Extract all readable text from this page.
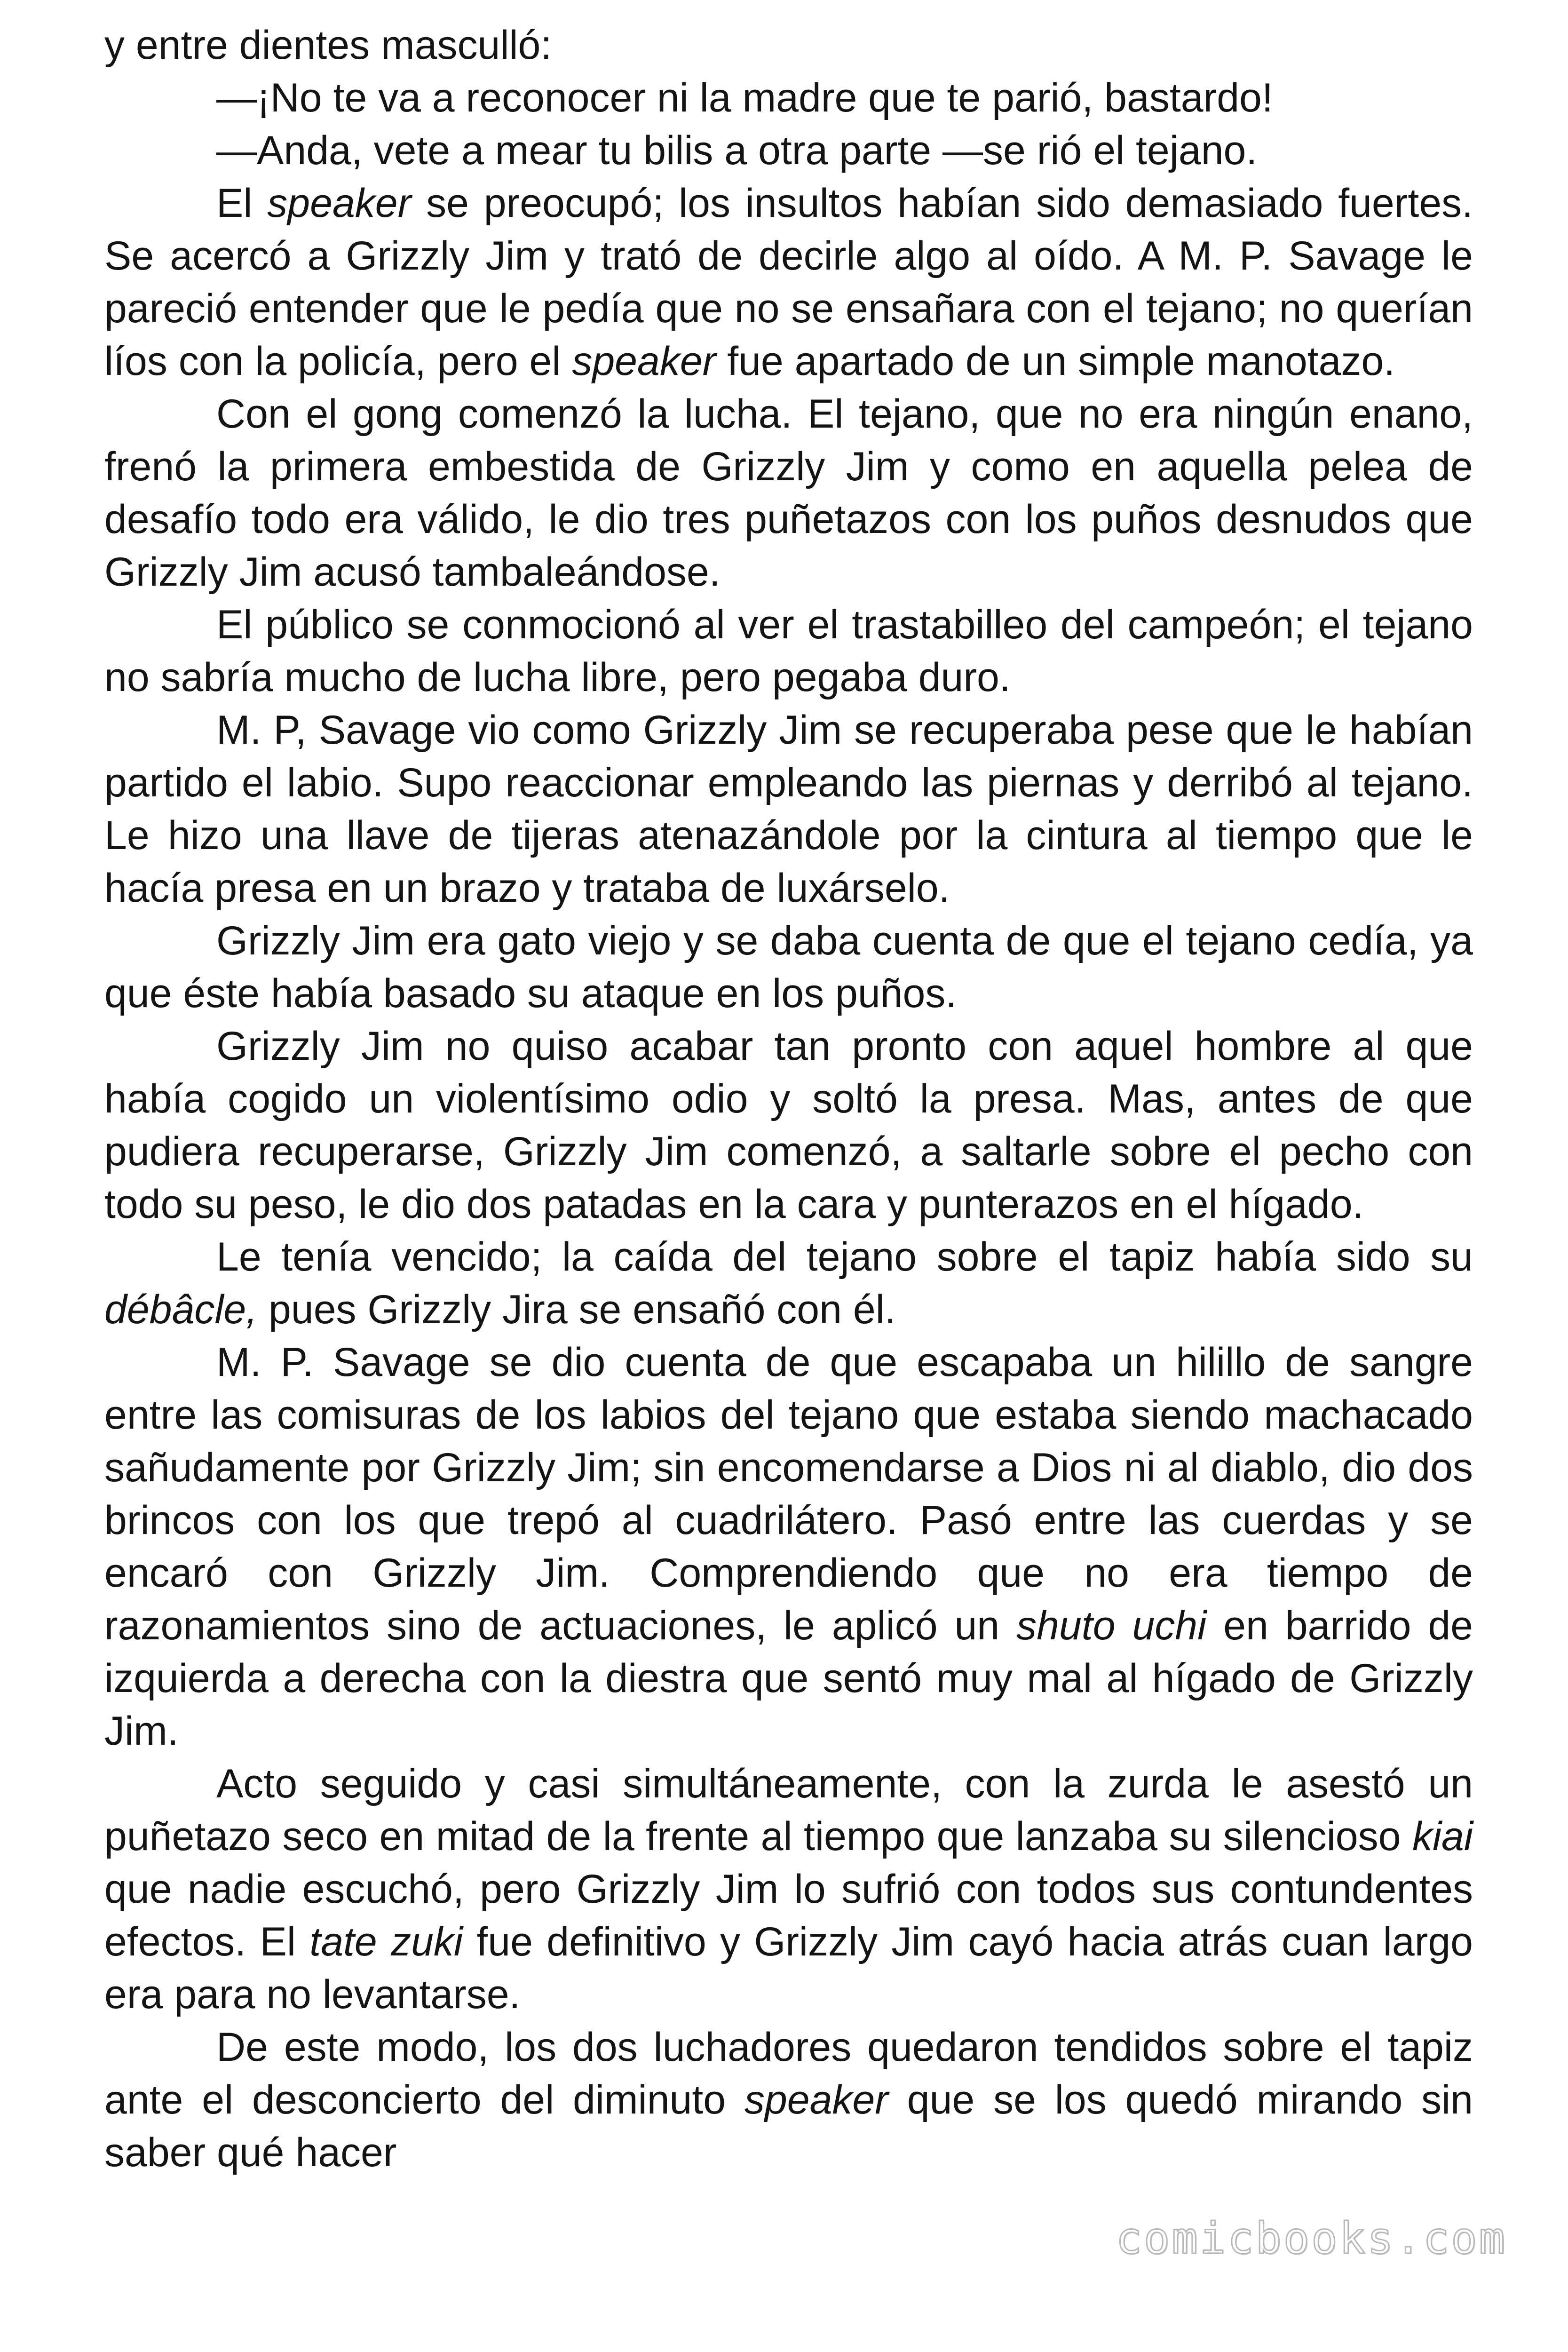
y entre dientes masculló:

—¡No te va a reconocer ni la madre que te parió, bastardo!

—Anda, vete a mear tu bilis a otra parte —se rió el tejano.

El speaker se preocupó; los insultos habían sido demasiado fuertes. Se acercó a Grizzly Jim y trató de decirle algo al oído. A M. P. Savage le pareció entender que le pedía que no se ensañara con el tejano; no querían líos con la policía, pero el speaker fue apartado de un simple manotazo.

Con el gong comenzó la lucha. El tejano, que no era ningún enano, frenó la primera embestida de Grizzly Jim y como en aquella pelea de desafío todo era válido, le dio tres puñetazos con los puños desnudos que Grizzly Jim acusó tambaleándose.

El público se conmocionó al ver el trastabilleo del campeón; el tejano no sabría mucho de lucha libre, pero pegaba duro.

M. P, Savage vio como Grizzly Jim se recuperaba pese que le habían partido el labio. Supo reaccionar empleando las piernas y derribó al tejano. Le hizo una llave de tijeras atenazándole por la cintura al tiempo que le hacía presa en un brazo y trataba de luxárselo.

Grizzly Jim era gato viejo y se daba cuenta de que el tejano cedía, ya que éste había basado su ataque en los puños.

Grizzly Jim no quiso acabar tan pronto con aquel hombre al que había cogido un violentísimo odio y soltó la presa. Mas, antes de que pudiera recuperarse, Grizzly Jim comenzó, a saltarle sobre el pecho con todo su peso, le dio dos patadas en la cara y punterazos en el hígado.

Le tenía vencido; la caída del tejano sobre el tapiz había sido su débâcle, pues Grizzly Jira se ensañó con él.

M. P. Savage se dio cuenta de que escapaba un hilillo de sangre entre las comisuras de los labios del tejano que estaba siendo machacado sañudamente por Grizzly Jim; sin encomendarse a Dios ni al diablo, dio dos brincos con los que trepó al cuadrilátero. Pasó entre las cuerdas y se encaró con Grizzly Jim. Comprendiendo que no era tiempo de razonamientos sino de actuaciones, le aplicó un shuto uchi en barrido de izquierda a derecha con la diestra que sentó muy mal al hígado de Grizzly Jim.

Acto seguido y casi simultáneamente, con la zurda le asestó un puñetazo seco en mitad de la frente al tiempo que lanzaba su silencioso kiai que nadie escuchó, pero Grizzly Jim lo sufrió con todos sus contundentes efectos. El tate zuki fue definitivo y Grizzly Jim cayó hacia atrás cuan largo era para no levantarse.

De este modo, los dos luchadores quedaron tendidos sobre el tapiz ante el desconcierto del diminuto speaker que se los quedó mirando sin saber qué hacer

comicbooks.com
